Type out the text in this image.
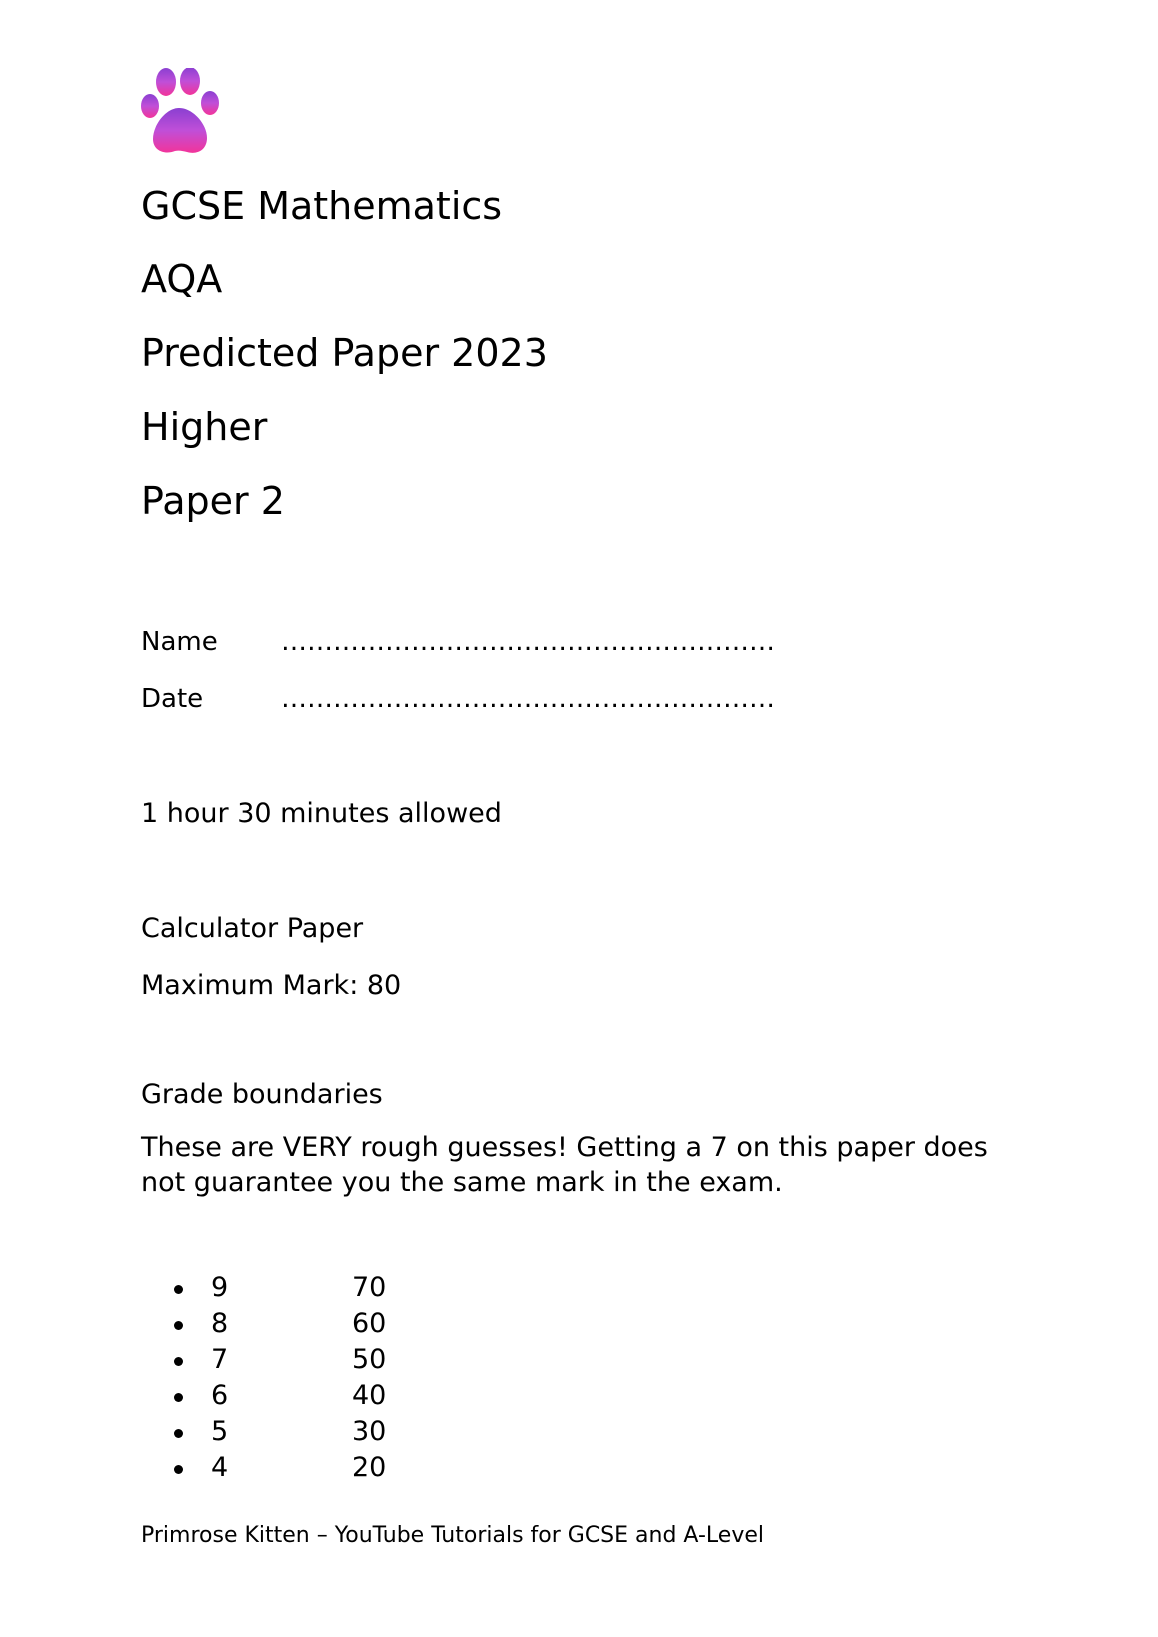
GCSE Mathematics
AQA
Predicted Paper 2023
Higher
Paper 2
Name …………………………………………………
Date	…………………………………………………
1 hour 30 minutes allowed
Calculator Paper
Maximum Mark: 80
Grade boundaries
These are VERY rough guesses! Getting a 7 on this paper does not guarantee you the same mark in the exam.
9	70
8	60
7	50
6	40
5	30
4	20
Primrose Kitten – YouTube Tutorials for GCSE and A-Level
